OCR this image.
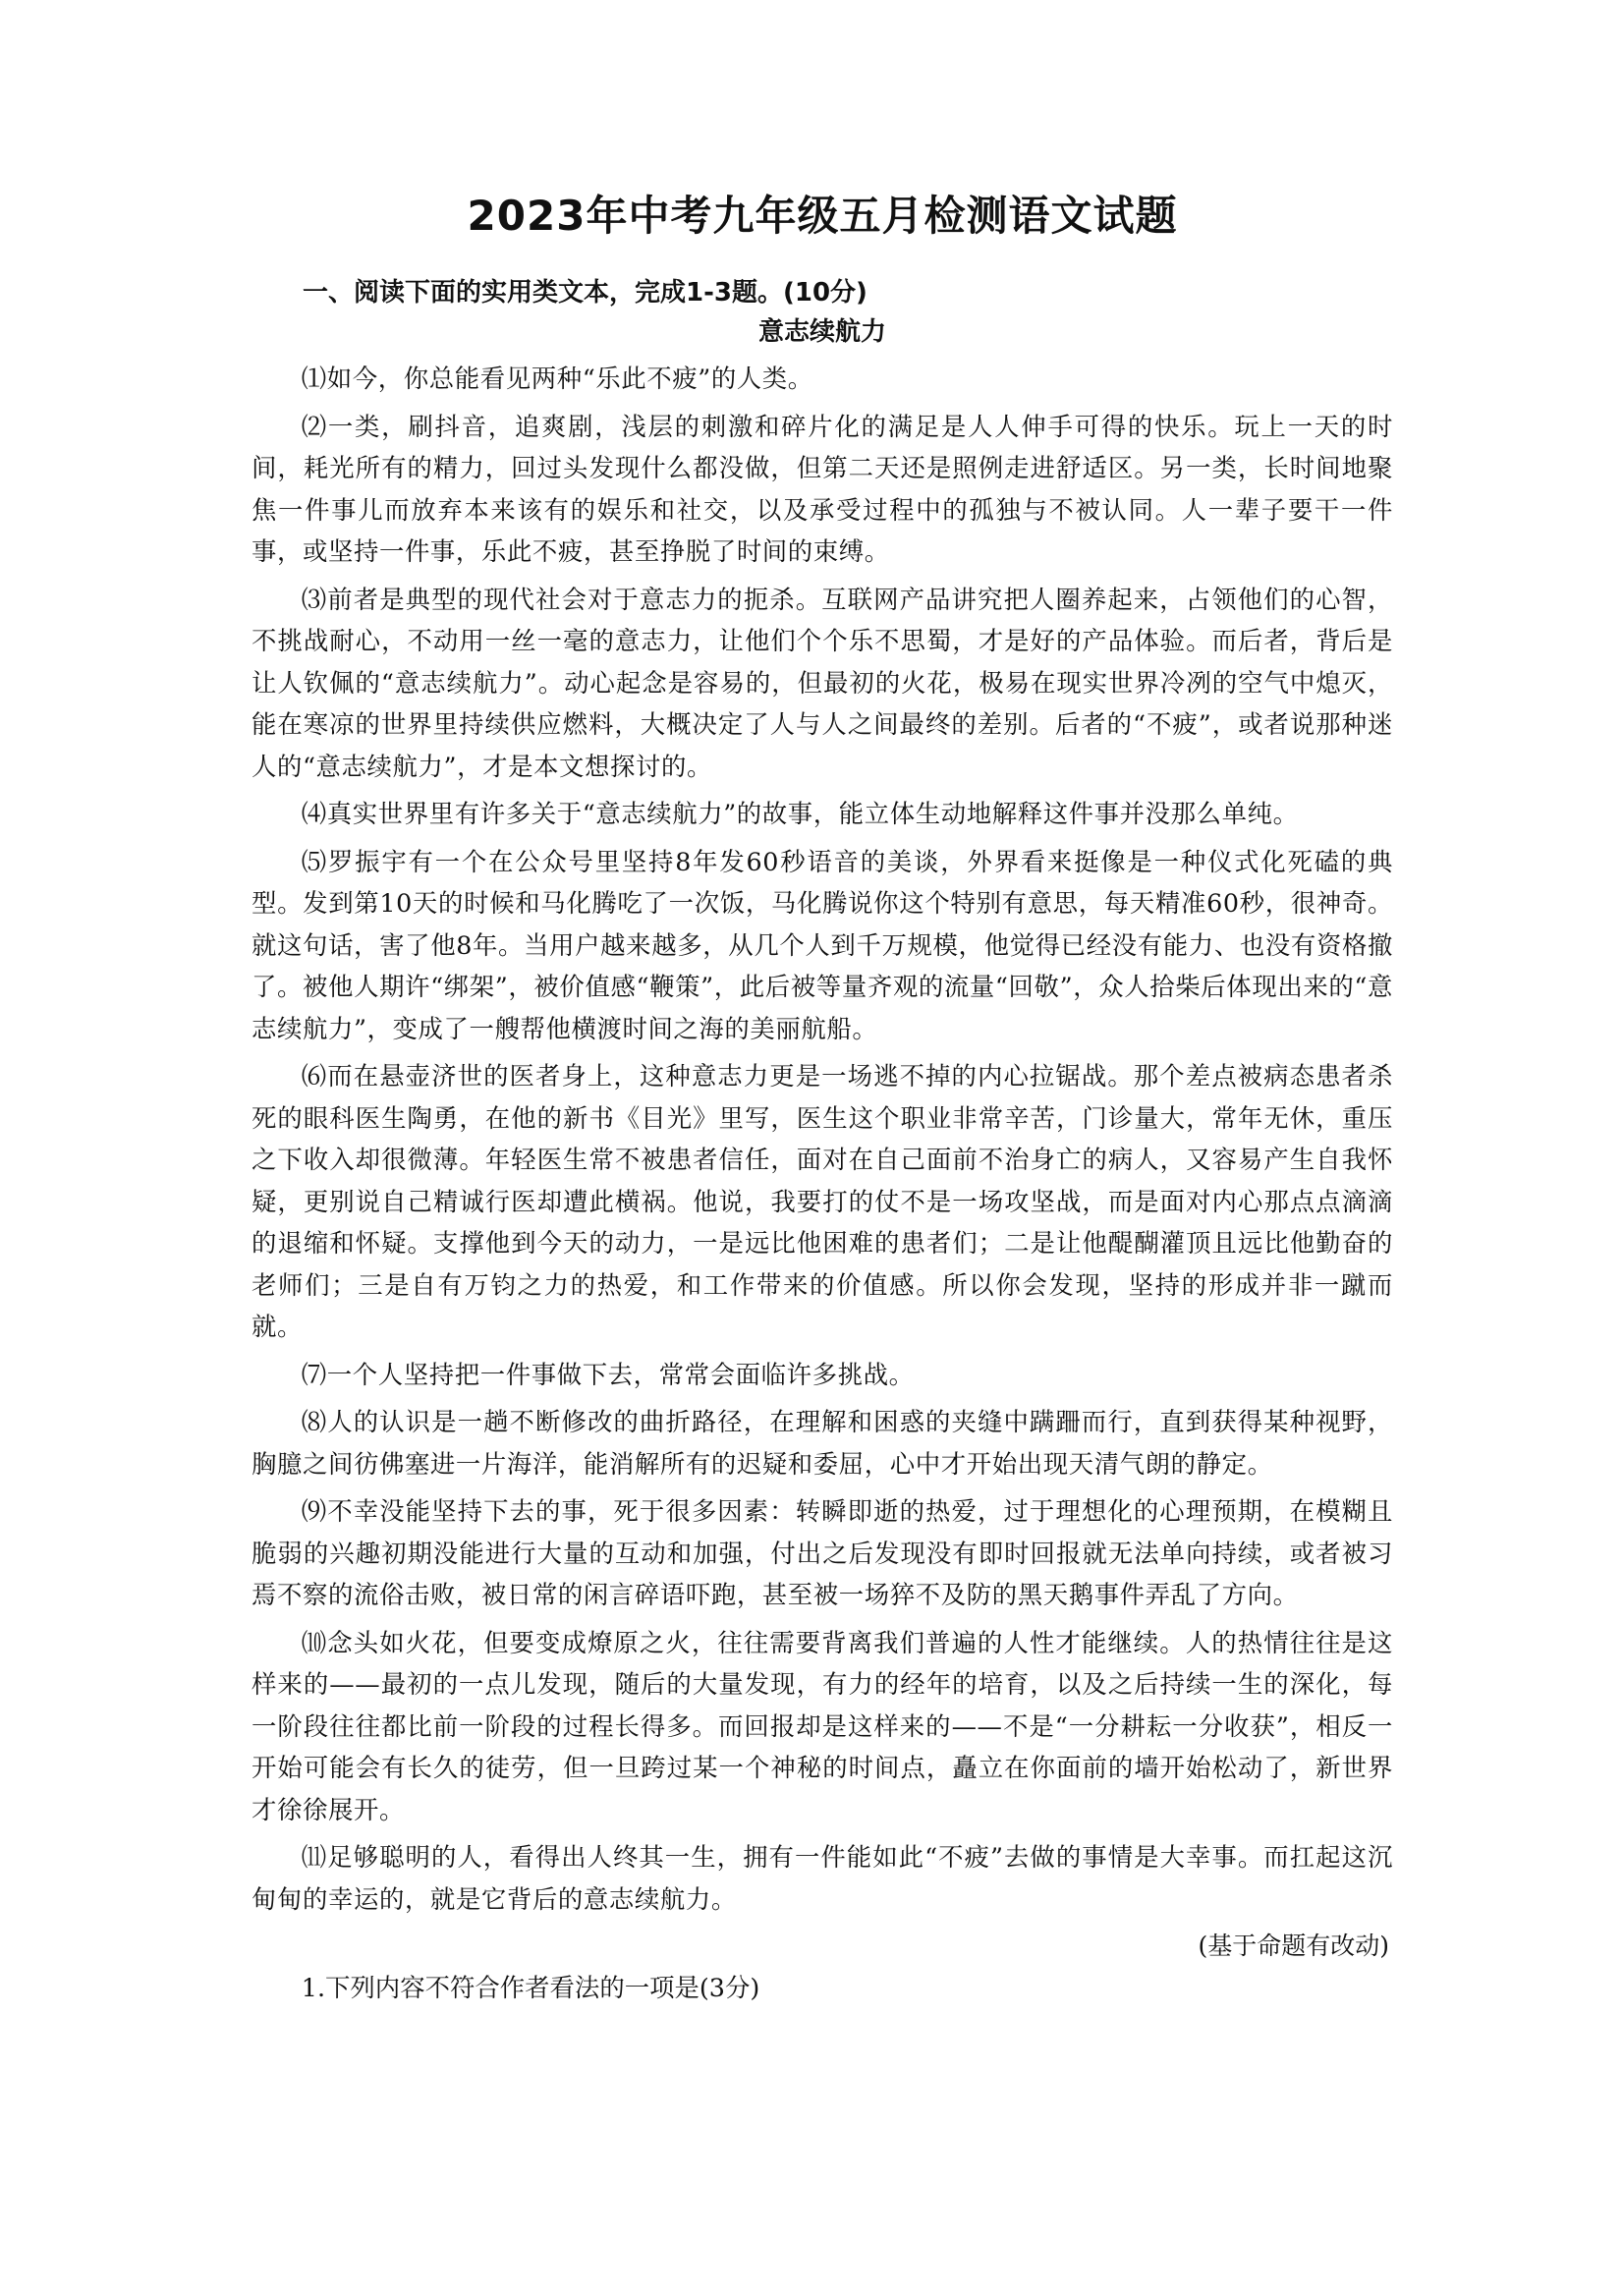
2023年中考九年级五月检测语文试题

一、阅读下面的实用类文本，完成1-3题。(10分)

意志续航力

⑴如今，你总能看见两种“乐此不疲”的人类。

⑵一类，刷抖音，追爽剧，浅层的刺激和碎片化的满足是人人伸手可得的快乐。玩上一天的时间，耗光所有的精力，回过头发现什么都没做，但第二天还是照例走进舒适区。另一类，长时间地聚焦一件事儿而放弃本来该有的娱乐和社交，以及承受过程中的孤独与不被认同。人一辈子要干一件事，或坚持一件事，乐此不疲，甚至挣脱了时间的束缚。

⑶前者是典型的现代社会对于意志力的扼杀。互联网产品讲究把人圈养起来，占领他们的心智，不挑战耐心，不动用一丝一毫的意志力，让他们个个乐不思蜀，才是好的产品体验。而后者，背后是让人钦佩的“意志续航力”。动心起念是容易的，但最初的火花，极易在现实世界冷冽的空气中熄灭，能在寒凉的世界里持续供应燃料，大概决定了人与人之间最终的差别。后者的“不疲”，或者说那种迷人的“意志续航力”，才是本文想探讨的。

⑷真实世界里有许多关于“意志续航力”的故事，能立体生动地解释这件事并没那么单纯。

⑸罗振宇有一个在公众号里坚持8年发60秒语音的美谈，外界看来挺像是一种仪式化死磕的典型。发到第10天的时候和马化腾吃了一次饭，马化腾说你这个特别有意思，每天精准60秒，很神奇。就这句话，害了他8年。当用户越来越多，从几个人到千万规模，他觉得已经没有能力、也没有资格撤了。被他人期许“绑架”，被价值感“鞭策”，此后被等量齐观的流量“回敬”，众人拾柴后体现出来的“意志续航力”，变成了一艘帮他横渡时间之海的美丽航船。

⑹而在悬壶济世的医者身上，这种意志力更是一场逃不掉的内心拉锯战。那个差点被病态患者杀死的眼科医生陶勇，在他的新书《目光》里写，医生这个职业非常辛苦，门诊量大，常年无休，重压之下收入却很微薄。年轻医生常不被患者信任，面对在自己面前不治身亡的病人，又容易产生自我怀疑，更别说自己精诚行医却遭此横祸。他说，我要打的仗不是一场攻坚战，而是面对内心那点点滴滴的退缩和怀疑。支撑他到今天的动力，一是远比他困难的患者们；二是让他醍醐灌顶且远比他勤奋的老师们；三是自有万钧之力的热爱，和工作带来的价值感。所以你会发现，坚持的形成并非一蹴而就。

⑺一个人坚持把一件事做下去，常常会面临许多挑战。

⑻人的认识是一趟不断修改的曲折路径，在理解和困惑的夹缝中蹒跚而行，直到获得某种视野，胸臆之间彷佛塞进一片海洋，能消解所有的迟疑和委屈，心中才开始出现天清气朗的静定。

⑼不幸没能坚持下去的事，死于很多因素：转瞬即逝的热爱，过于理想化的心理预期，在模糊且脆弱的兴趣初期没能进行大量的互动和加强，付出之后发现没有即时回报就无法单向持续，或者被习焉不察的流俗击败，被日常的闲言碎语吓跑，甚至被一场猝不及防的黑天鹅事件弄乱了方向。

⑽念头如火花，但要变成燎原之火，往往需要背离我们普遍的人性才能继续。人的热情往往是这样来的——最初的一点儿发现，随后的大量发现，有力的经年的培育，以及之后持续一生的深化，每一阶段往往都比前一阶段的过程长得多。而回报却是这样来的——不是“一分耕耘一分收获”，相反一开始可能会有长久的徒劳，但一旦跨过某一个神秘的时间点，矗立在你面前的墙开始松动了，新世界才徐徐展开。

⑾足够聪明的人，看得出人终其一生，拥有一件能如此“不疲”去做的事情是大幸事。而扛起这沉甸甸的幸运的，就是它背后的意志续航力。

(基于命题有改动)

1.下列内容不符合作者看法的一项是(3分)
